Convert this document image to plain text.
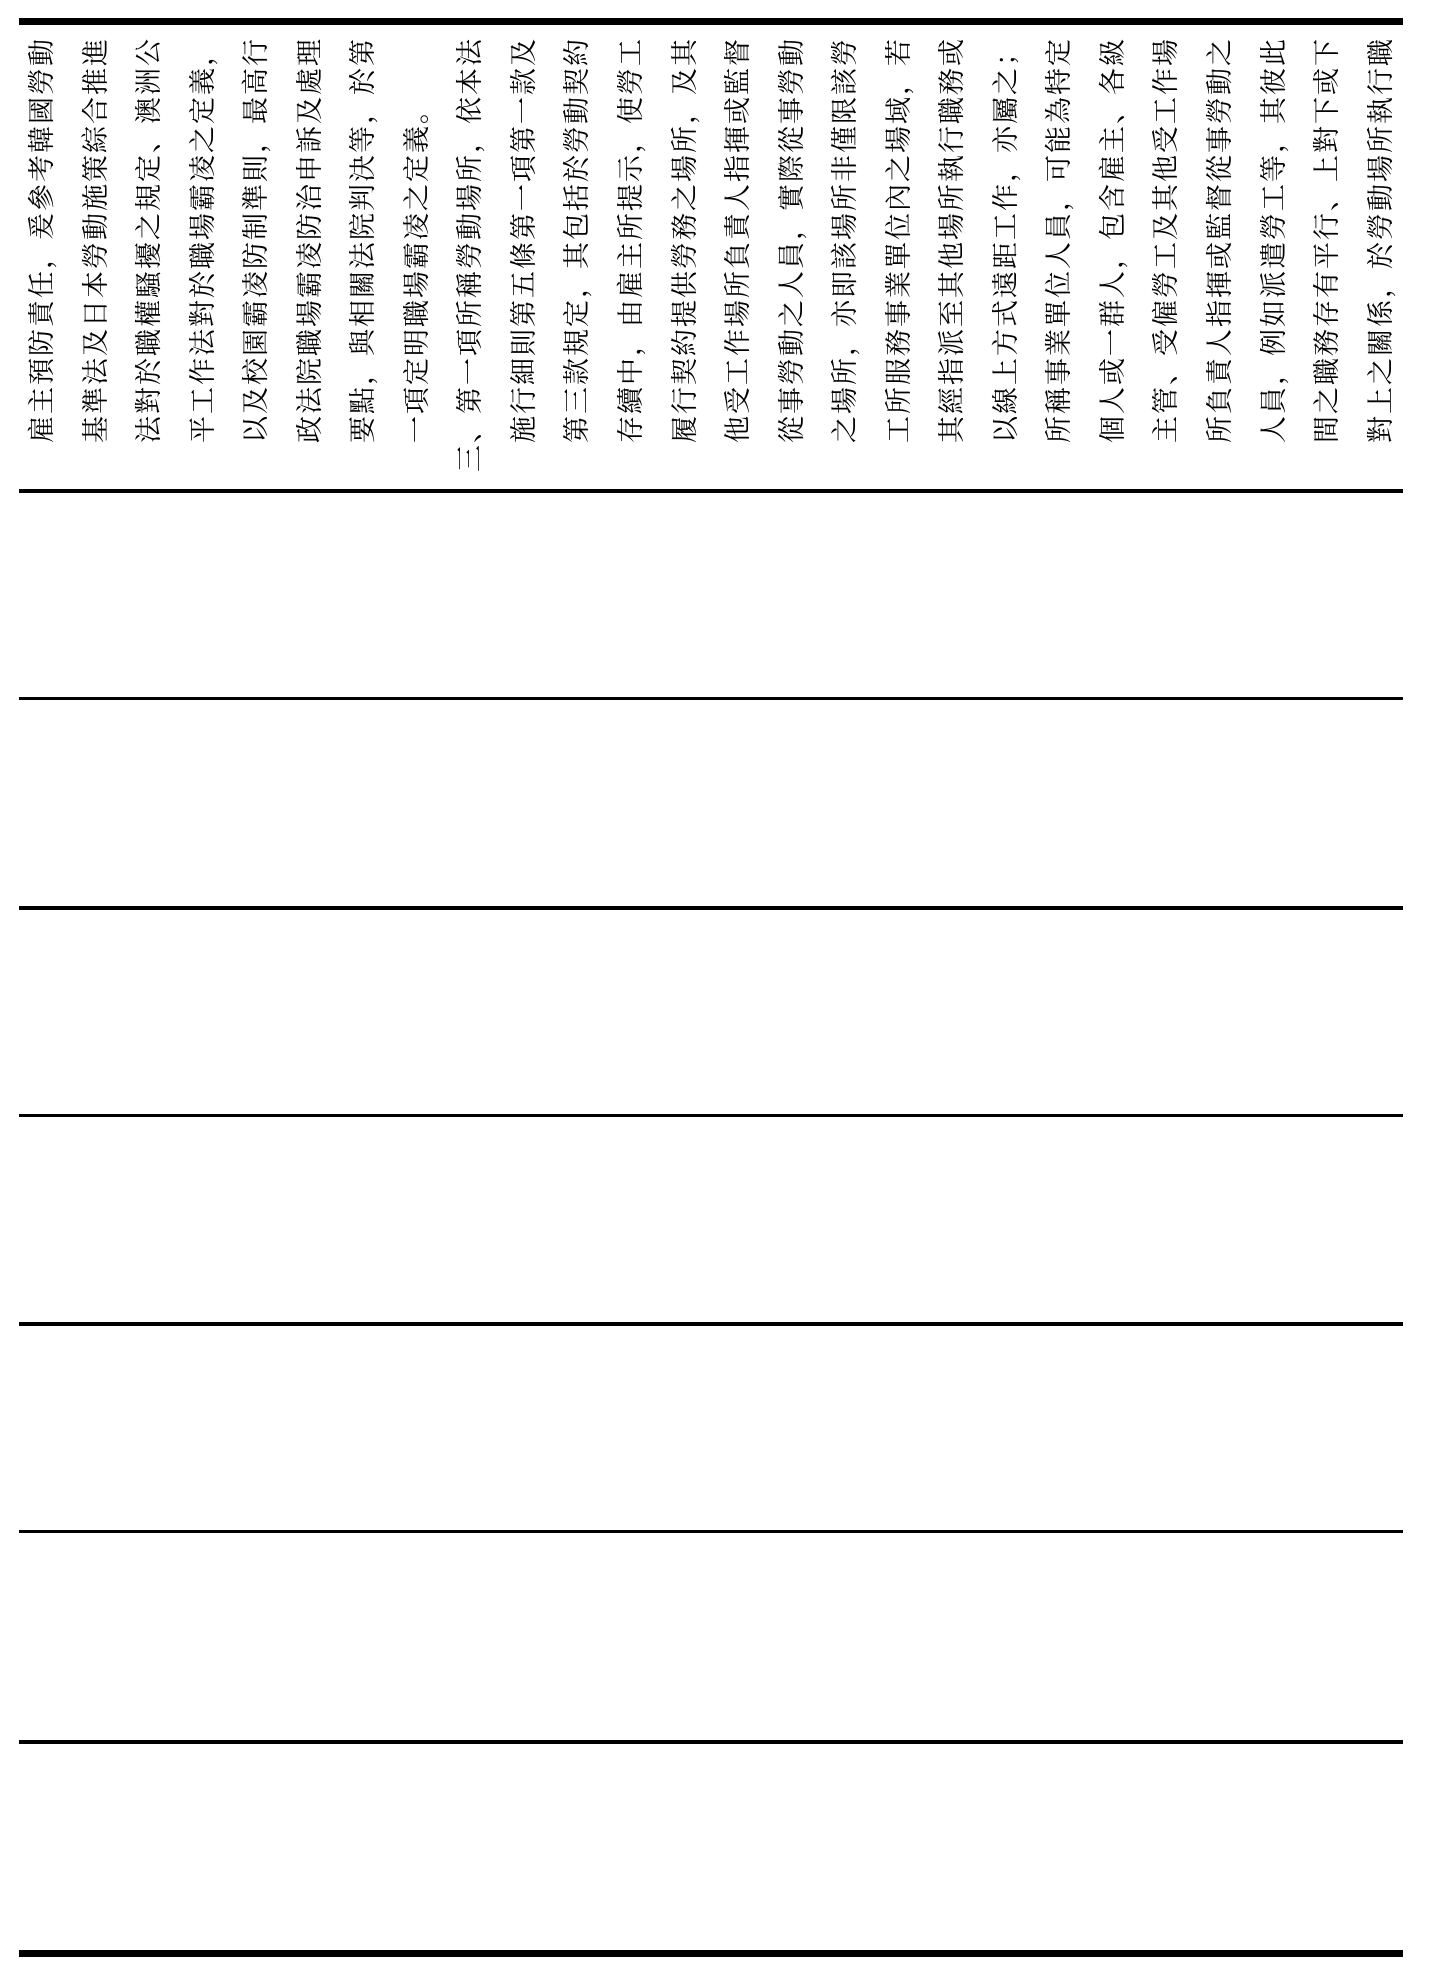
雇主預防責任，爰參考韓國勞動 基準法及日本勞動施策綜合推進 法對於職權騷擾之規定、澳洲公 平工作法對於職場霸凌之定義， 以及校園霸凌防制準則，最高行 政法院職場霸凌防治申訴及處理 要點，與相關法院判決等，於第 一項定明職場霸凌之定義。 三、第一項所稱勞動場所，依本法 施行細則第五條第一項第一款及 第三款規定，其包括於勞動契約 存續中，由雇主所提示，使勞工 履行契約提供勞務之場所，及其 他受工作場所負責人指揮或監督 從事勞動之人員，實際從事勞動 之場所，亦即該場所非僅限該勞 工所服務事業單位內之場域，若 其經指派至其他場所執行職務或 以線上方式遠距工作，亦屬之； 所稱事業單位人員，可能為特定 個人或一群人，包含雇主、各級 主管、受僱勞工及其他受工作場 所負責人指揮或監督從事勞動之 人員，例如派遣勞工等，其彼此 間之職務存有平行、上對下或下 對上之關係，於勞動場所執行職
